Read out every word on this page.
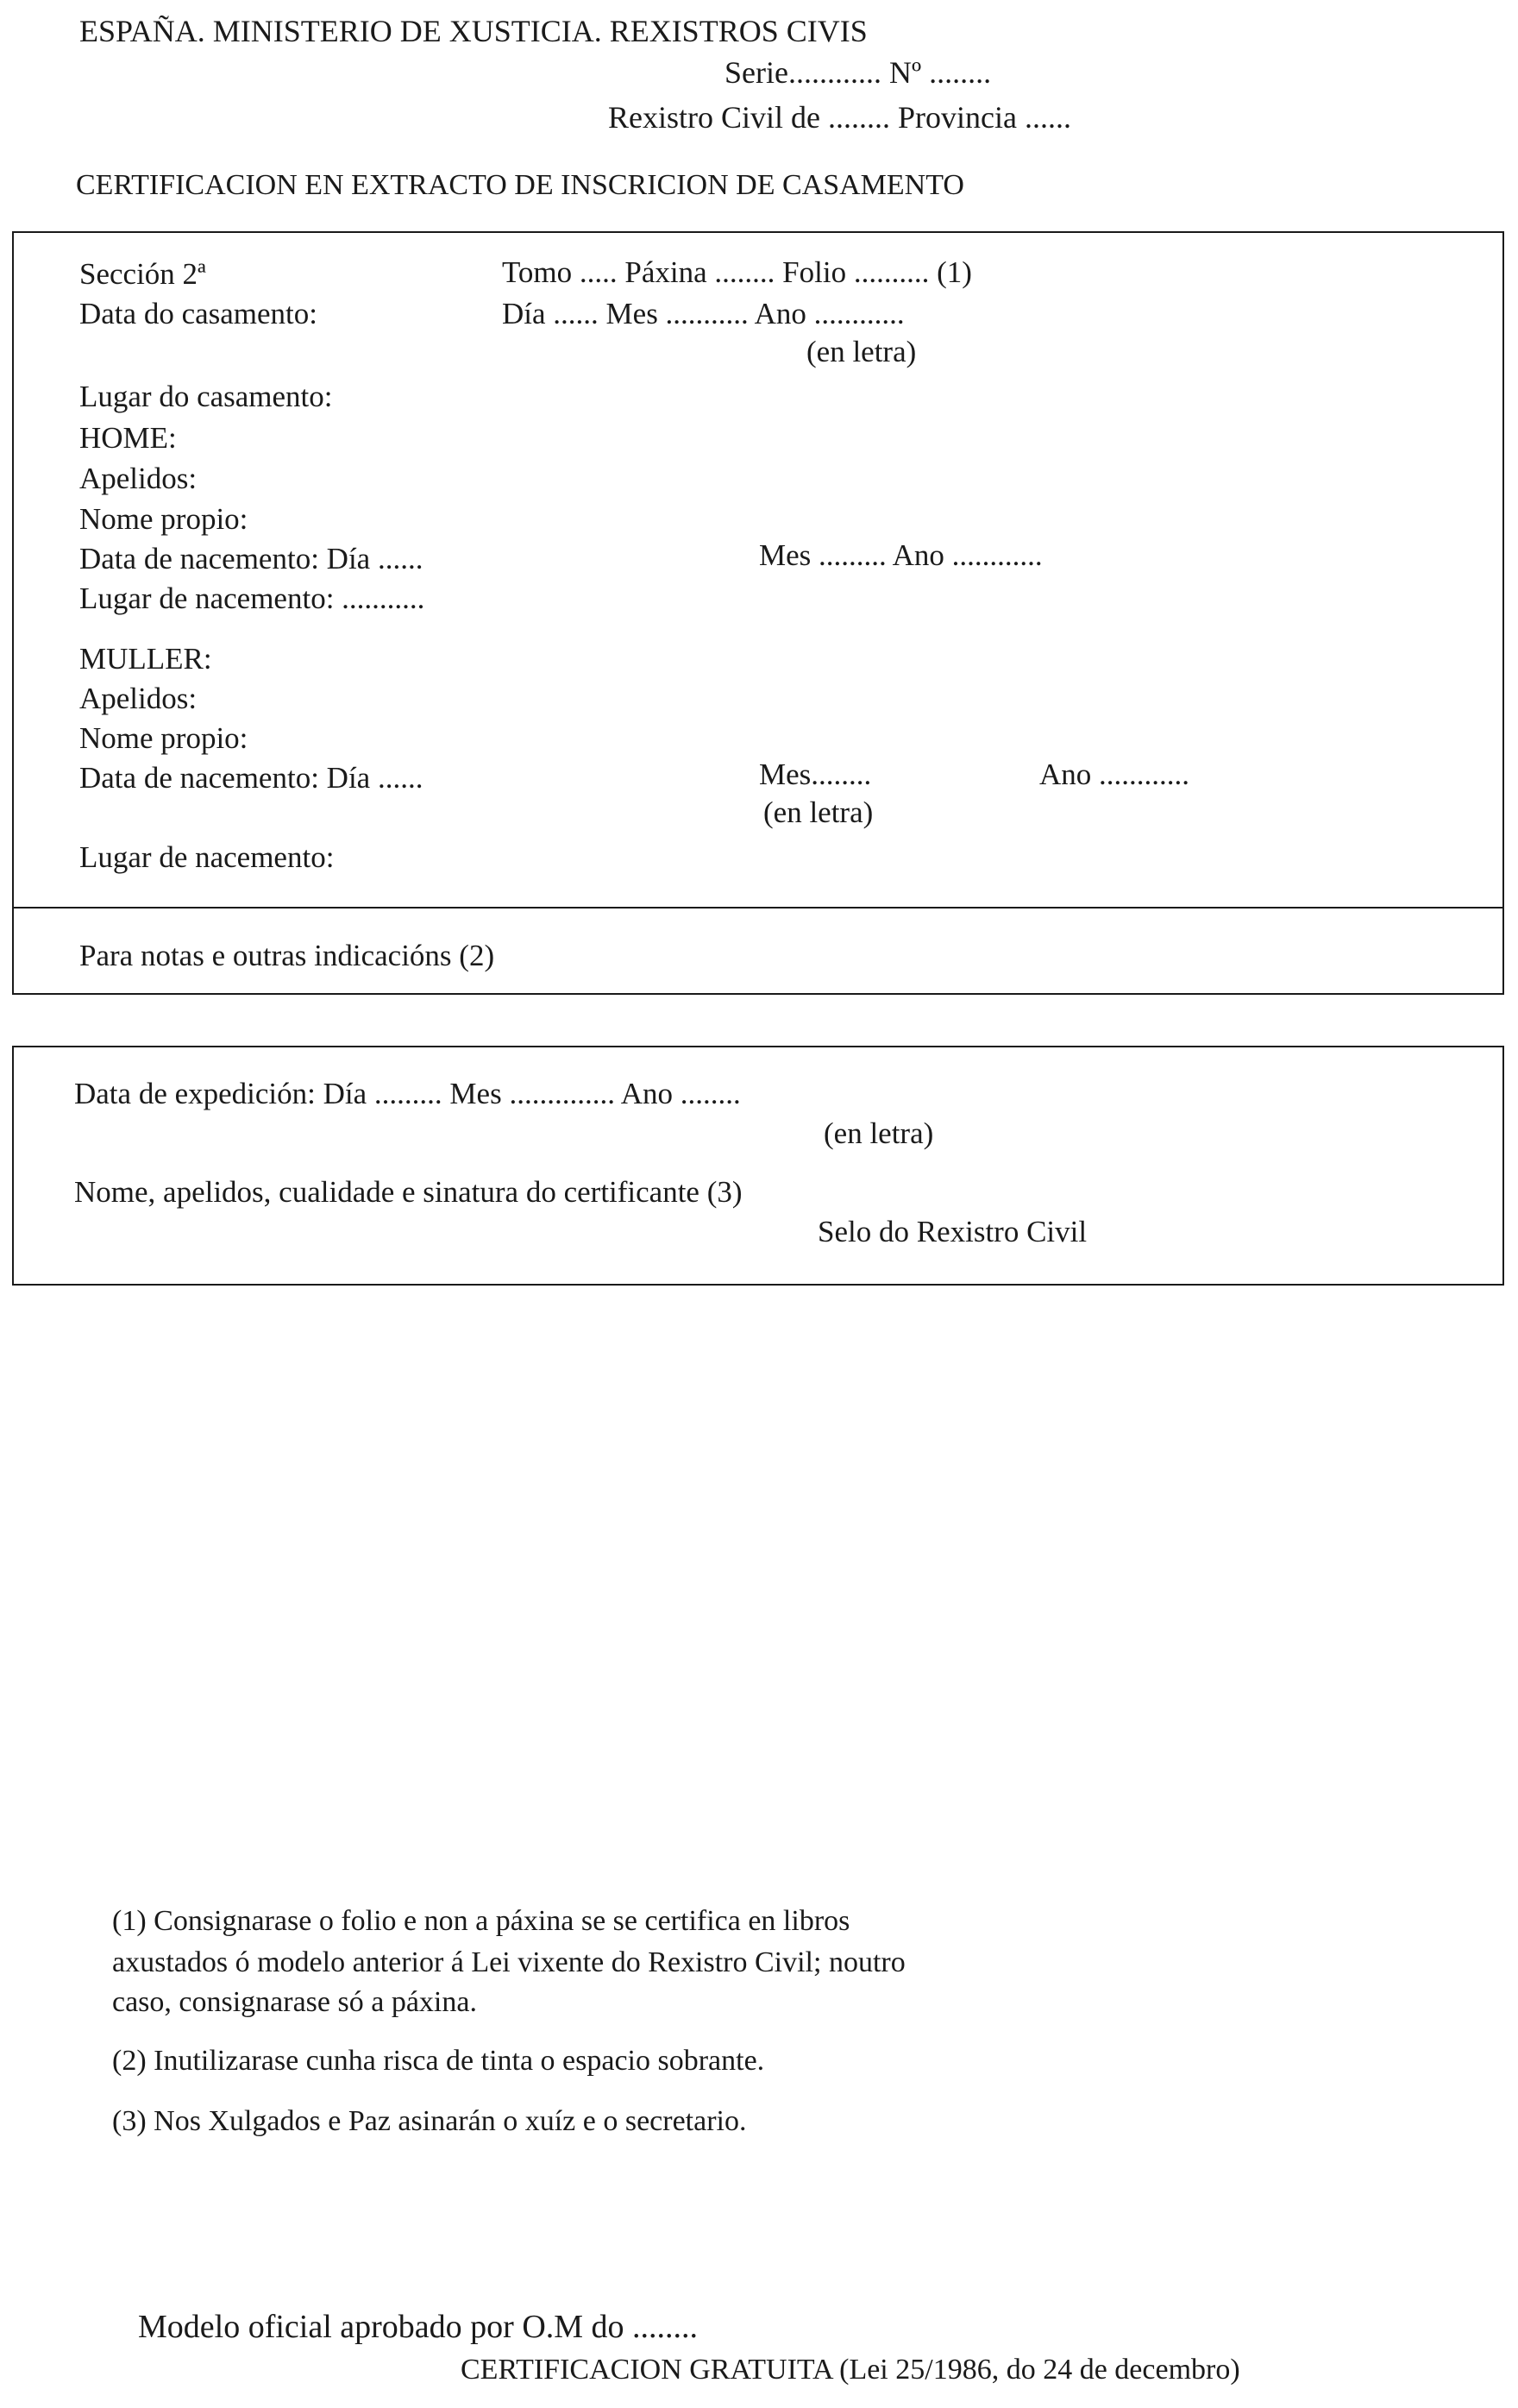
ESPAÑA. MINISTERIO DE XUSTICIA. REXISTROS CIVIS
Serie............ Nº ........
Rexistro Civil de ........ Provincia ......
CERTIFICACION EN EXTRACTO DE INSCRICION DE CASAMENTO
Sección 2ª	Tomo ..... Páxina ........ Folio .......... (1)
Data do casamento:	Día ...... Mes ........... Ano ............
(en letra)
Lugar do casamento:
HOME:
Apelidos:
Nome propio:
Data de nacemento: Día ......	Mes ......... Ano ............
Lugar de nacemento: ...........
MULLER:
Apelidos:
Nome propio:
Data de nacemento: Día ......	Mes........	Ano ............
(en letra)
Lugar de nacemento:
Para notas e outras indicacións (2)
Data de expedición: Día ......... Mes .............. Ano ........
(en letra)
Nome, apelidos, cualidade e sinatura do certificante (3)
Selo do Rexistro Civil
(1) Consignarase o folio e non a páxina se se certifica en libros
axustados ó modelo anterior á Lei vixente do Rexistro Civil; noutro
caso, consignarase só a páxina.
(2) Inutilizarase cunha risca de tinta o espacio sobrante.
(3) Nos Xulgados e Paz asinarán o xuíz e o secretario.
Modelo oficial aprobado por O.M do ........
CERTIFICACION GRATUITA (Lei 25/1986, do 24 de decembro)
